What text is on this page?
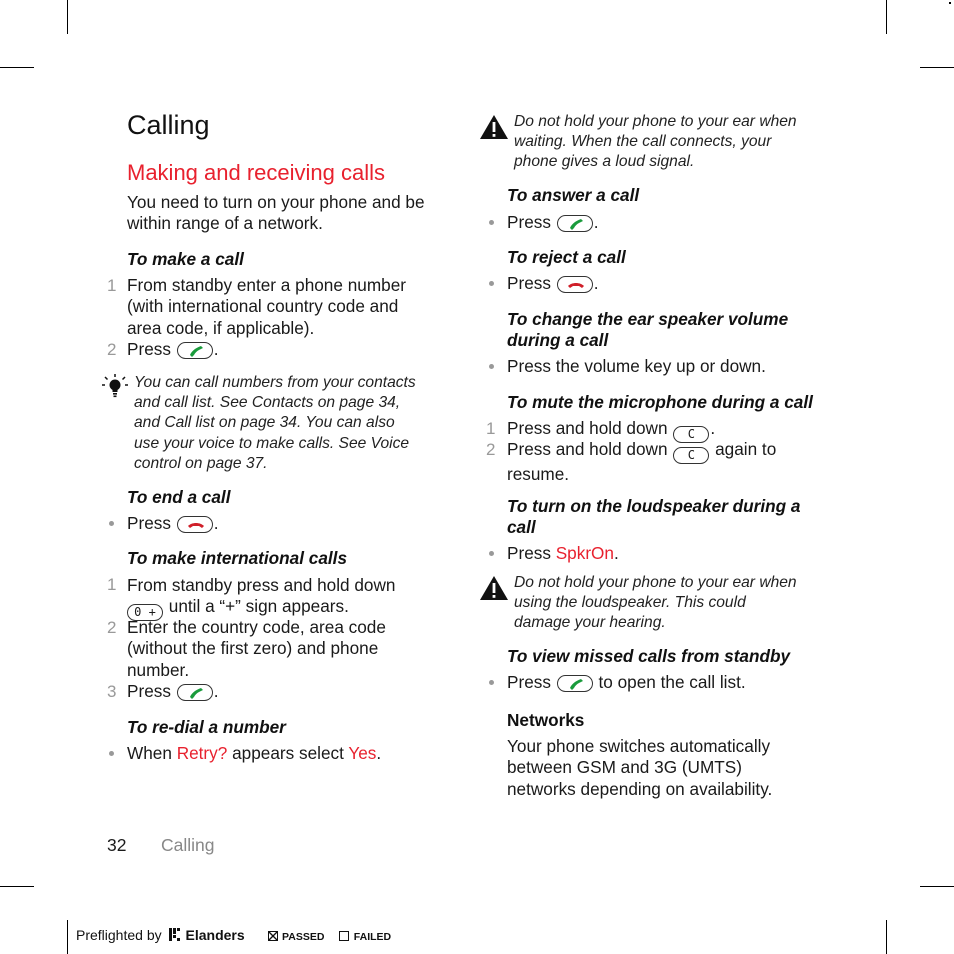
Calling
Making and receiving calls
You need to turn on your phone and be within range of a network.
To make a call
1 From standby enter a phone number
(with international country code and
area code, if applicable).
2 Press .
You can call numbers from your contacts
and call list. See Contacts on page 34,
and Call list on page 34. You can also
use your voice to make calls. See Voice
control on page 37.
To end a call
Press .
To make international calls
1 From standby press and hold down
0 + until a “+” sign appears.
2 Enter the country code, area code
(without the first zero) and phone
number.
3 Press .
To re-dial a number
When Retry? appears select Yes.
Do not hold your phone to your ear when
waiting. When the call connects, your
phone gives a loud signal.
To answer a call
Press .
To reject a call
Press .
To change the ear speaker volume
during a call
Press the volume key up or down.
To mute the microphone during a call
1 Press and hold down C .
2 Press and hold down C again to
resume.
To turn on the loudspeaker during a
call
Press SpkrOn.
Do not hold your phone to your ear when
using the loudspeaker. This could
damage your hearing.
To view missed calls from standby
Press	to open the call list.
Networks
Your phone switches automatically
between GSM and 3G (UMTS)
networks depending on availability.
32 Calling
Preflighted by Elanders	PASSED	FAILED
